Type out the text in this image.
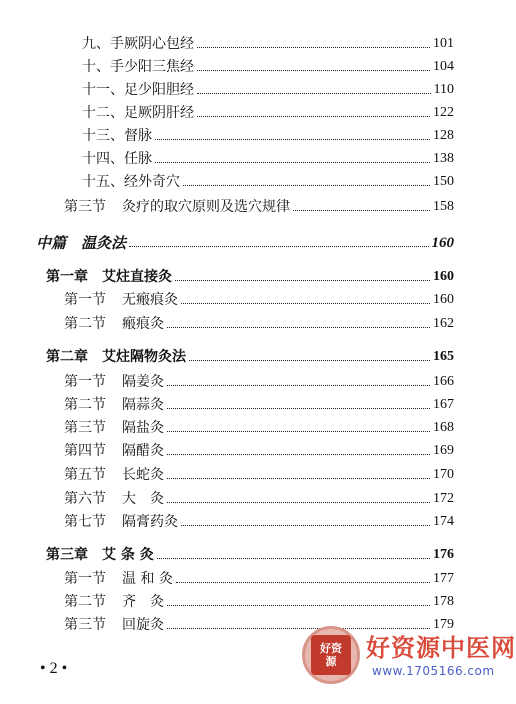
九、手厥阴心包经	101
十、手少阳三焦经	104
十一、足少阳胆经	110
十二、足厥阴肝经	122
十三、督脉	128
十四、任脉	138
十五、经外奇穴	150
第三节 灸疗的取穴原则及选穴规律	158
中篇　温灸法	160
第一章　艾炷直接灸	160
第一节 无瘢痕灸	160
第二节 瘢痕灸	162
第二章　艾炷隔物灸法	165
第一节 隔姜灸	166
第二节 隔蒜灸	167
第三节 隔盐灸	168
第四节 隔醋灸	169
第五节 长蛇灸	170
第六节 大　灸	172
第七节 隔膏药灸	174
第三章　艾 条 灸	176
第一节 温 和 灸	177
第二节 齐　灸	178
第三节 回旋灸	179
• 2 •
好资
源 好资源中医网
www.1705166.com
